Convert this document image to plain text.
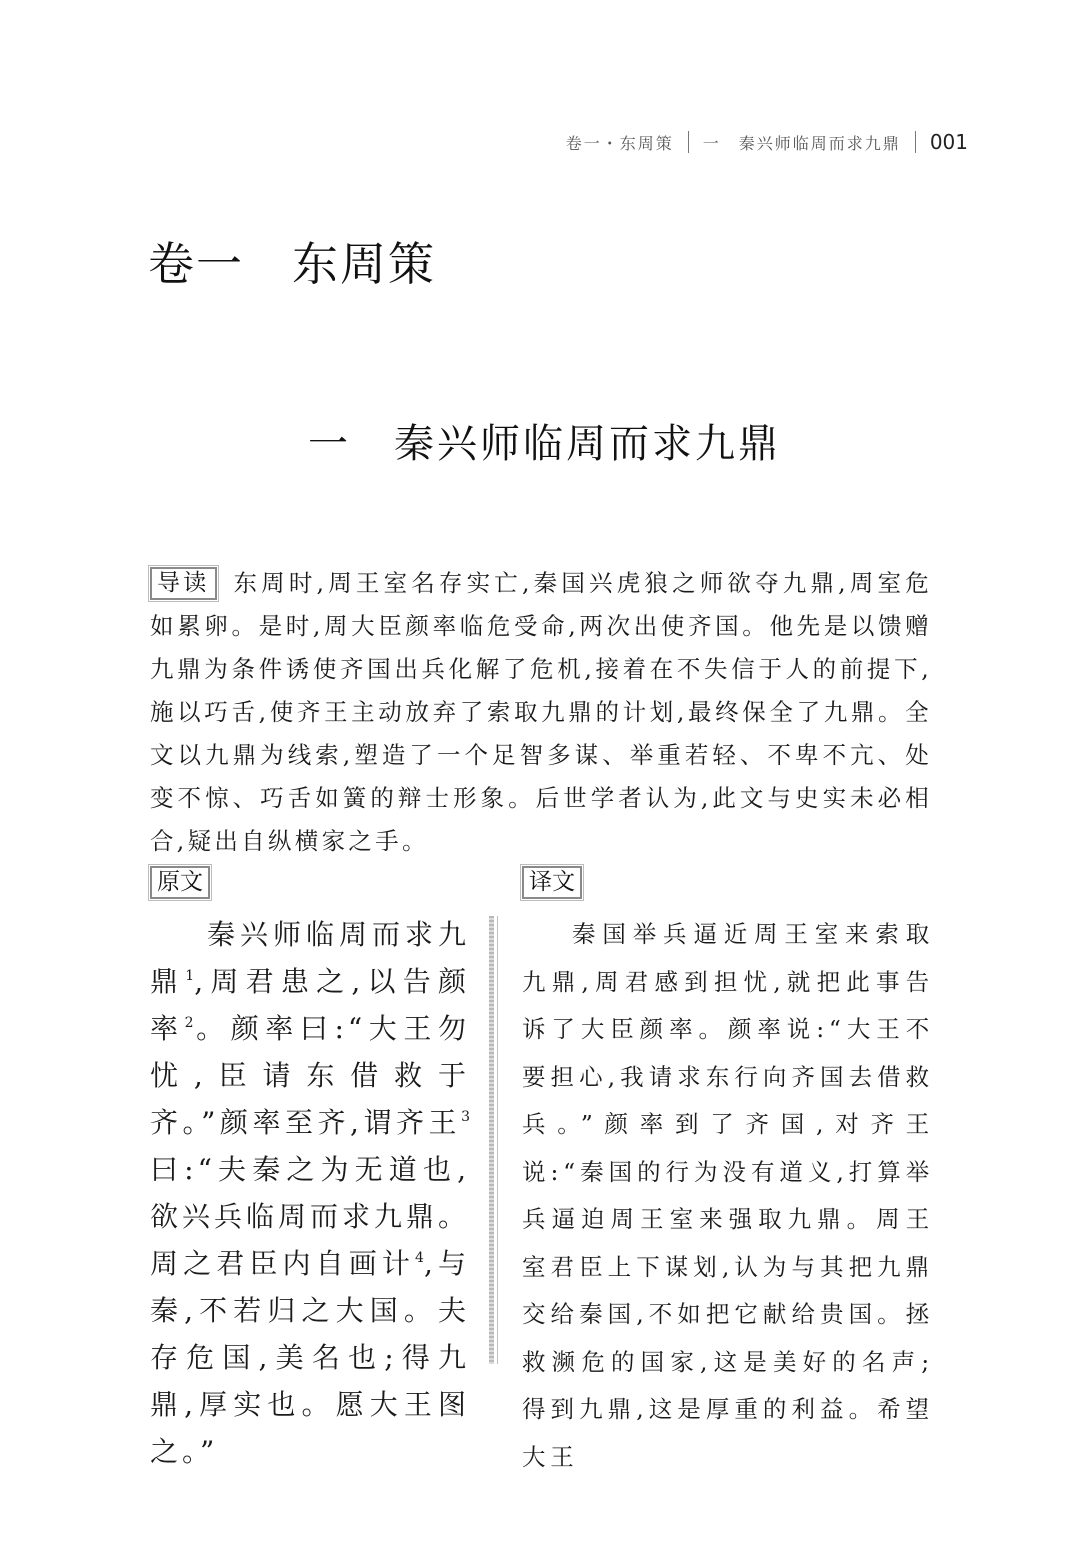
卷一・东周策 一　秦兴师临周而求九鼎 001
卷一　东周策
一　秦兴师临周而求九鼎
导读 东周时,周王室名存实亡,秦国兴虎狼之师欲夺九鼎,周室危如累卵。是时,周大臣颜率临危受命,两次出使齐国。他先是以馈赠九鼎为条件诱使齐国出兵化解了危机,接着在不失信于人的前提下,施以巧舌,使齐王主动放弃了索取九鼎的计划,最终保全了九鼎。全文以九鼎为线索,塑造了一个足智多谋、举重若轻、不卑不亢、处变不惊、巧舌如簧的辩士形象。后世学者认为,此文与史实未必相合,疑出自纵横家之手。
原文
秦兴师临周而求九鼎$^1$,周君患之,以告颜率$^2$。颜率曰:“大王勿忧,臣请东借救于齐。”颜率至齐,谓齐王$^3$曰:“夫秦之为无道也,欲兴兵临周而求九鼎。周之君臣内自画计$^4$,与秦,不若归之大国。夫存危国,美名也;得九鼎,厚实也。愿大王图之。”
译文
秦国举兵逼近周王室来索取九鼎,周君感到担忧,就把此事告诉了大臣颜率。颜率说:“大王不要担心,我请求东行向齐国去借救兵。”颜率到了齐国,对齐王说:“秦国的行为没有道义,打算举兵逼迫周王室来强取九鼎。周王室君臣上下谋划,认为与其把九鼎交给秦国,不如把它献给贵国。拯救濒危的国家,这是美好的名声;得到九鼎,这是厚重的利益。希望大王
